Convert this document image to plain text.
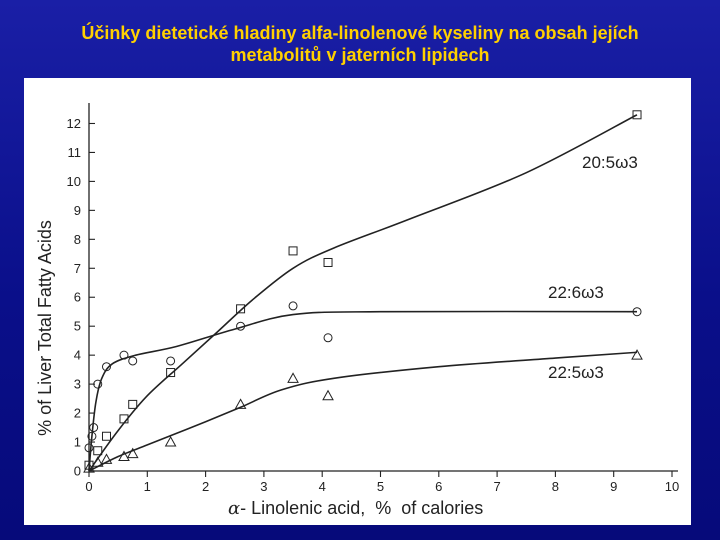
Účinky dietetické hladiny alfa-linolenové kyseliny na obsah jejích
metabolitů v jaterních lipidech
% of Liver Total Fatty Acids
α- Linolenic acid,  %  of calories
0	1	2	3	4	5	6	7	8	9	10
0
1
2
3
4
5
6
7
8
9
10
11
12
20:5ω3
22:6ω3
22:5ω3
